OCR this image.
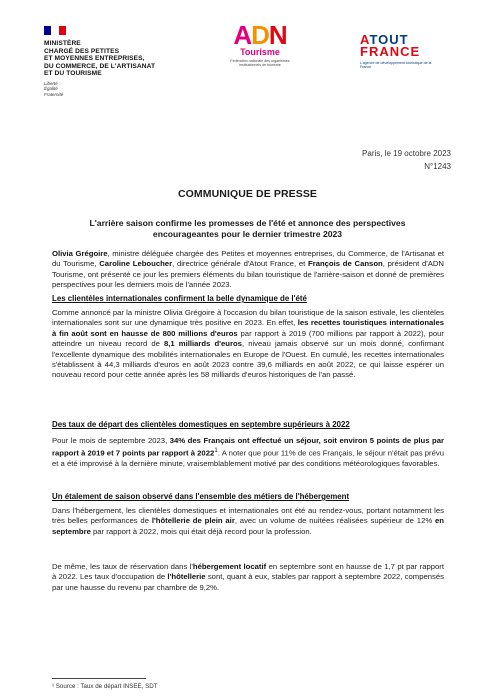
MINISTÈRE
CHARGÉ DES PETITES
ET MOYENNES ENTREPRISES,
DU COMMERCE, DE L'ARTISANAT
ET DU TOURISME
Liberté
Égalité
Fraternité
ADN
Tourisme
Fédération nationale des organismes institutionnels de tourisme
ATOUT
FRANCE
L'agence de développement touristique de la France
Paris, le 19 octobre 2023
N°1243
COMMUNIQUE DE PRESSE
L'arrière saison confirme les promesses de l'été et annonce des perspectives encourageantes pour le dernier trimestre 2023
Olivia Grégoire, ministre déléguée chargée des Petites et moyennes entreprises, du Commerce, de l'Artisanat et du Tourisme, Caroline Leboucher, directrice générale d'Atout France, et François de Canson, président d'ADN Tourisme, ont présenté ce jour les premiers éléments du bilan touristique de l'arrière-saison et donné de premières perspectives pour les derniers mois de l'année 2023.
Les clientèles internationales confirment la belle dynamique de l'été
Comme annoncé par la ministre Olivia Grégoire à l'occasion du bilan touristique de la saison estivale, les clientèles internationales sont sur une dynamique très positive en 2023. En effet, les recettes touristiques internationales à fin août sont en hausse de 800 millions d'euros par rapport à 2019 (700 millions par rapport à 2022), pour atteindre un niveau record de 8,1 milliards d'euros, niveau jamais observé sur un mois donné, confirmant l'excellente dynamique des mobilités internationales en Europe de l'Ouest. En cumulé, les recettes internationales s'établissent à 44,3 milliards d'euros en août 2023 contre 39,6 milliards en août 2022, ce qui laisse espérer un nouveau record pour cette année après les 58 milliards d'euros historiques de l'an passé.
Des taux de départ des clientèles domestiques en septembre supérieurs à 2022
Pour le mois de septembre 2023, 34% des Français ont effectué un séjour, soit environ 5 points de plus par rapport à 2019 et 7 points par rapport à 2022$^1$. A noter que pour 11% de ces Français, le séjour n'était pas prévu et a été improvisé à la dernière minute, vraisemblablement motivé par des conditions météorologiques favorables.
Un étalement de saison observé dans l'ensemble des métiers de l'hébergement
Dans l'hébergement, les clientèles domestiques et internationales ont été au rendez-vous, portant notamment les très belles performances de l'hôtellerie de plein air, avec un volume de nuitées réalisées supérieur de 12% en septembre par rapport à 2022, mois qui était déjà record pour la profession.
De même, les taux de réservation dans l'hébergement locatif en septembre sont en hausse de 1,7 pt par rapport à 2022. Les taux d'occupation de l'hôtellerie sont, quant à eux, stables par rapport à septembre 2022, compensés par une hausse du revenu par chambre de 9,2%.
¹ Source : Taux de départ INSEE, SDT
